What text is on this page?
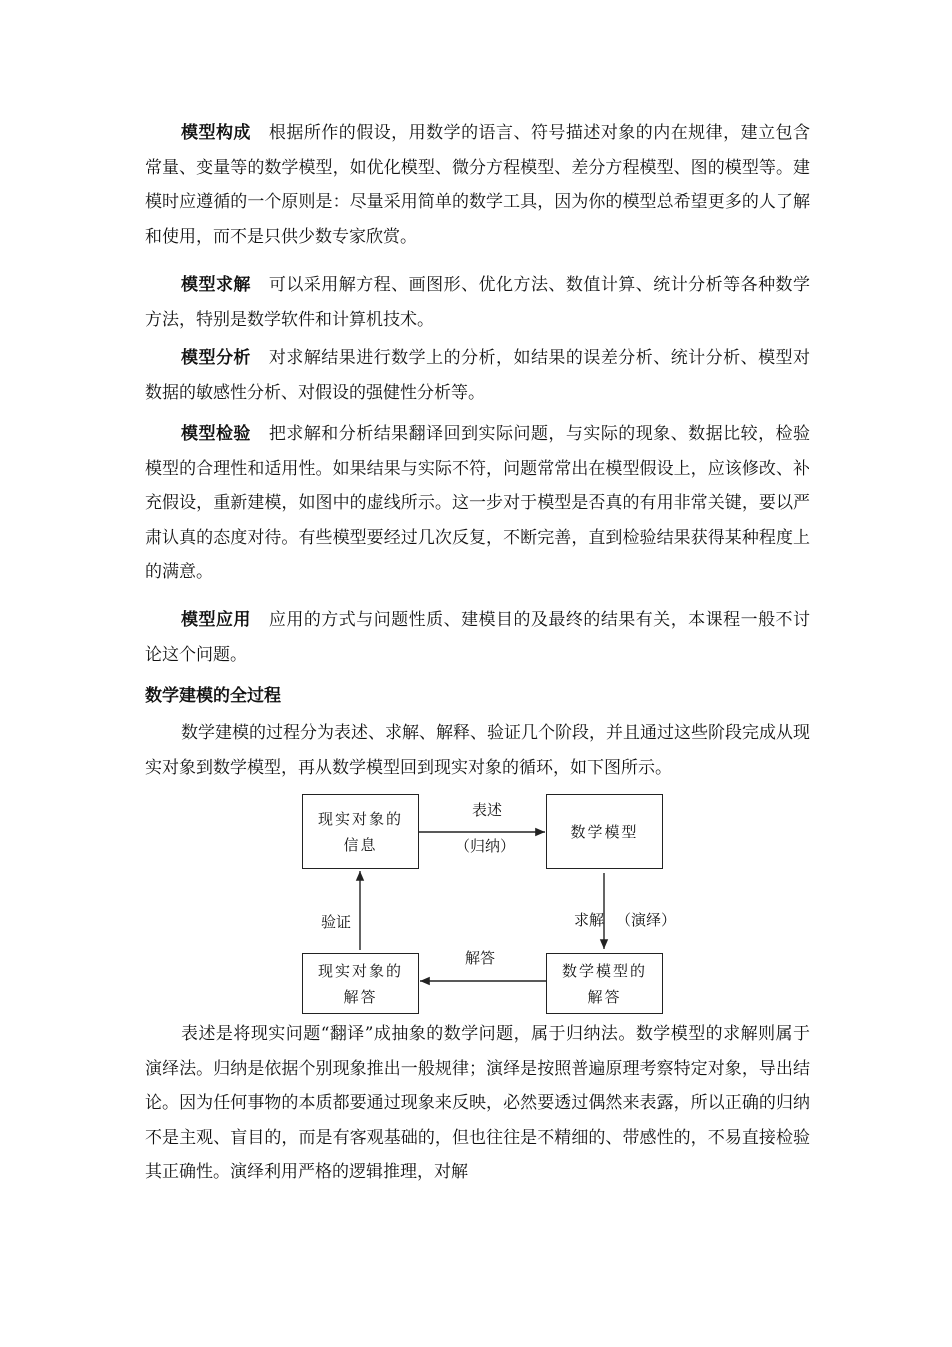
模型构成 根据所作的假设，用数学的语言、符号描述对象的内在规律，建立包含常量、变量等的数学模型，如优化模型、微分方程模型、差分方程模型、图的模型等。建模时应遵循的一个原则是：尽量采用简单的数学工具，因为你的模型总希望更多的人了解和使用，而不是只供少数专家欣赏。

模型求解 可以采用解方程、画图形、优化方法、数值计算、统计分析等各种数学方法，特别是数学软件和计算机技术。

模型分析 对求解结果进行数学上的分析，如结果的误差分析、统计分析、模型对数据的敏感性分析、对假设的强健性分析等。

模型检验 把求解和分析结果翻译回到实际问题，与实际的现象、数据比较，检验模型的合理性和适用性。如果结果与实际不符，问题常常出在模型假设上，应该修改、补充假设，重新建模，如图中的虚线所示。这一步对于模型是否真的有用非常关键，要以严肃认真的态度对待。有些模型要经过几次反复，不断完善，直到检验结果获得某种程度上的满意。

模型应用 应用的方式与问题性质、建模目的及最终的结果有关，本课程一般不讨论这个问题。

数学建模的全过程

数学建模的过程分为表述、求解、解释、验证几个阶段，并且通过这些阶段完成从现实对象到数学模型，再从数学模型回到现实对象的循环，如下图所示。

现实对象的
信息
数学模型
现实对象的
解答
数学模型的
解答
表述
（归纳）
求解 （演绎）
解答
验证

表述是将现实问题“翻译”成抽象的数学问题，属于归纳法。数学模型的求解则属于演绎法。归纳是依据个别现象推出一般规律；演绎是按照普遍原理考察特定对象，导出结论。因为任何事物的本质都要通过现象来反映，必然要透过偶然来表露，所以正确的归纳不是主观、盲目的，而是有客观基础的，但也往往是不精细的、带感性的，不易直接检验其正确性。演绎利用严格的逻辑推理，对解
